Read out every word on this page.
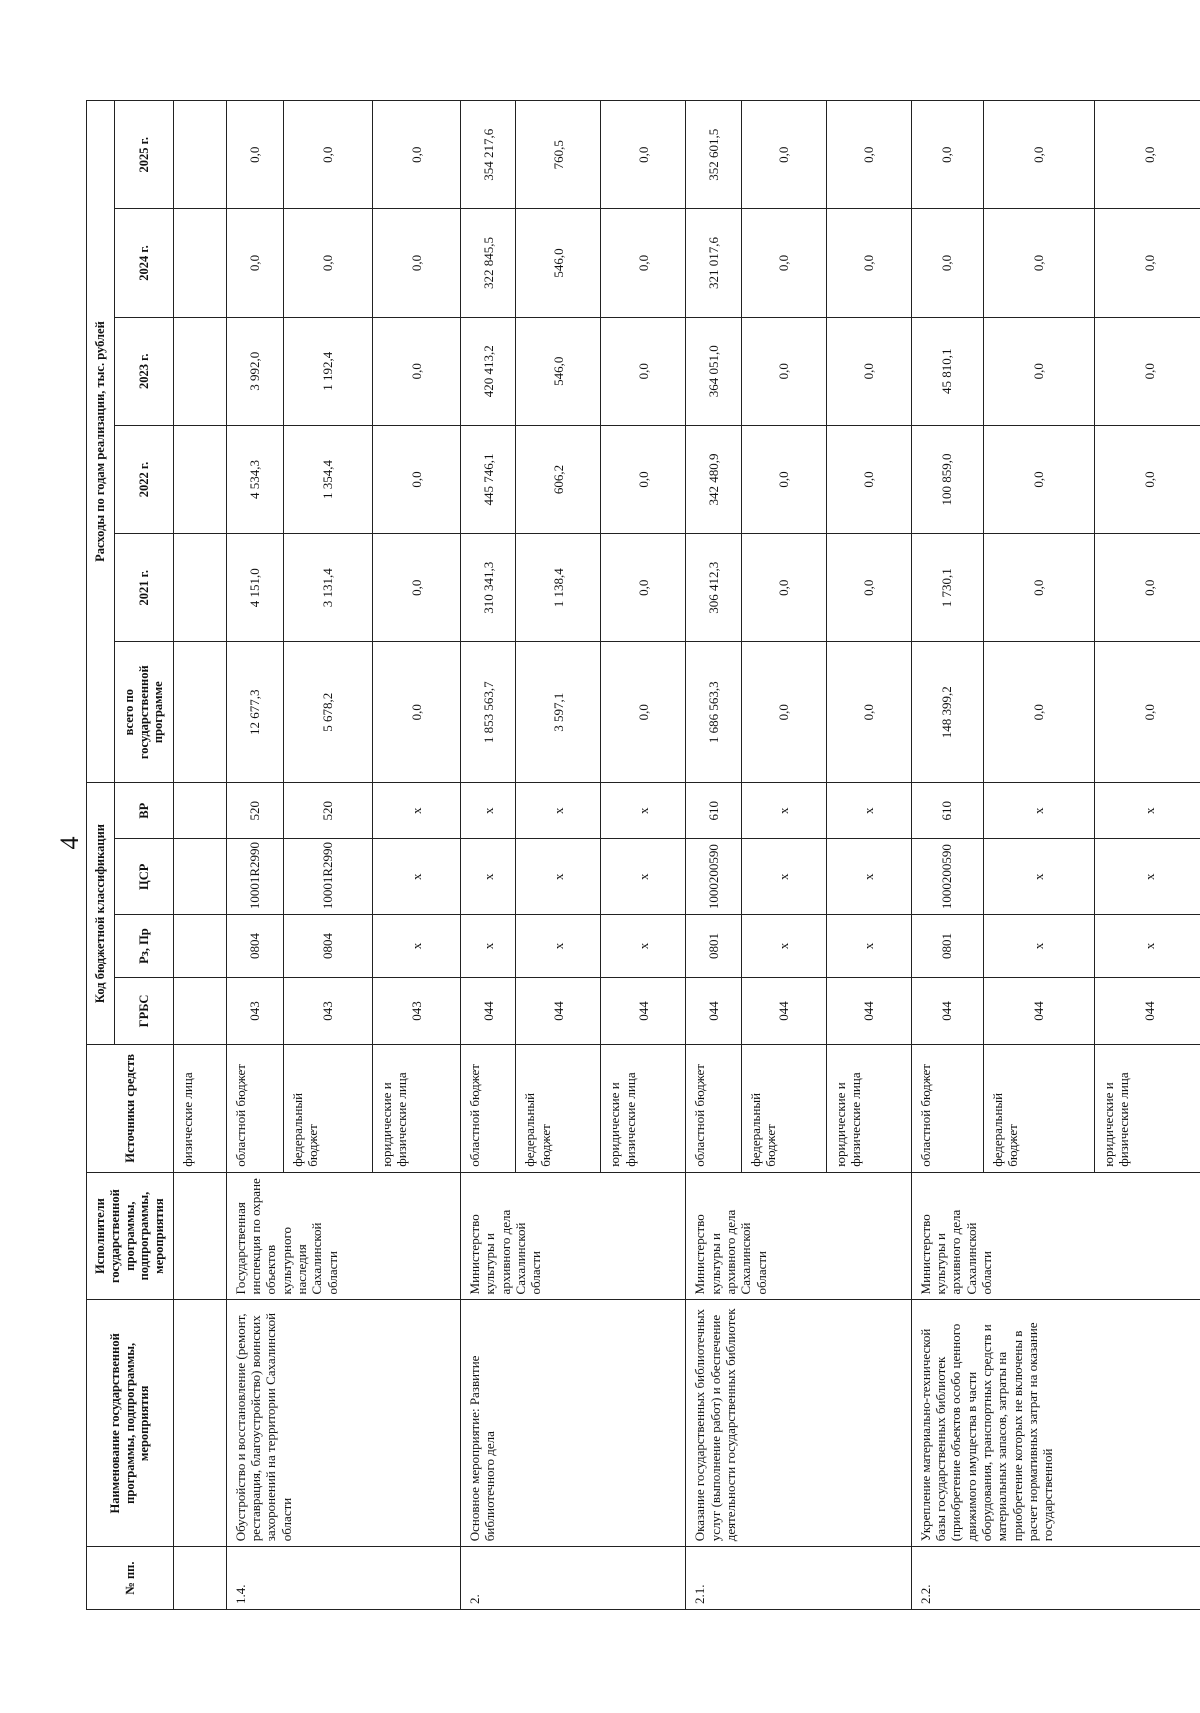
4
№ пп.	Наименование государственной программы, подпрограммы, мероприятия	Исполнители государственной программы, подпрограммы, мероприятия	Источники средств	Код бюджетной классификации				Расходы по годам реализации, тыс. рублей					
				ГРБС	Рз, Пр	ЦСР	ВР	всего по государственной программе	2021 г.	2022 г.	2023 г.	2024 г.	2025 г.
			физические лица										
1.4.	Обустройство и восстановление (ремонт, реставрация, благоустройство) воинских захоронений на территории Сахалинской области	Государственная инспекция по охране объектов культурного наследия Сахалинской области	областной бюджет	043	0804	10001R2990	520	12 677,3	4 151,0	4 534,3	3 992,0	0,0	0,0
			федеральный бюджет	043	0804	10001R2990	520	5 678,2	3 131,4	1 354,4	1 192,4	0,0	0,0
			юридические и физические лица	043	x	x	x	0,0	0,0	0,0	0,0	0,0	0,0
2.	Основное мероприятие: Развитие библиотечного дела	Министерство культуры и архивного дела Сахалинской области	областной бюджет	044	x	x	x	1 853 563,7	310 341,3	445 746,1	420 413,2	322 845,5	354 217,6
			федеральный бюджет	044	x	x	x	3 597,1	1 138,4	606,2	546,0	546,0	760,5
			юридические и физические лица	044	x	x	x	0,0	0,0	0,0	0,0	0,0	0,0
2.1.	Оказание государственных библиотечных услуг (выполнение работ) и обеспечение деятельности государственных библиотек	Министерство культуры и архивного дела Сахалинской области	областной бюджет	044	0801	1000200590	610	1 686 563,3	306 412,3	342 480,9	364 051,0	321 017,6	352 601,5
			федеральный бюджет	044	x	x	x	0,0	0,0	0,0	0,0	0,0	0,0
			юридические и физические лица	044	x	x	x	0,0	0,0	0,0	0,0	0,0	0,0
2.2.	Укрепление материально-технической базы государственных библиотек (приобретение объектов особо ценного движимого имущества в части оборудования, транспортных средств и материальных запасов, затраты на приобретение которых не включены в расчет нормативных затрат на оказание государственной	Министерство культуры и архивного дела Сахалинской области	областной бюджет	044	0801	1000200590	610	148 399,2	1 730,1	100 859,0	45 810,1	0,0	0,0
			федеральный бюджет	044	x	x	x	0,0	0,0	0,0	0,0	0,0	0,0
			юридические и физические лица	044	x	x	x	0,0	0,0	0,0	0,0	0,0	0,0
